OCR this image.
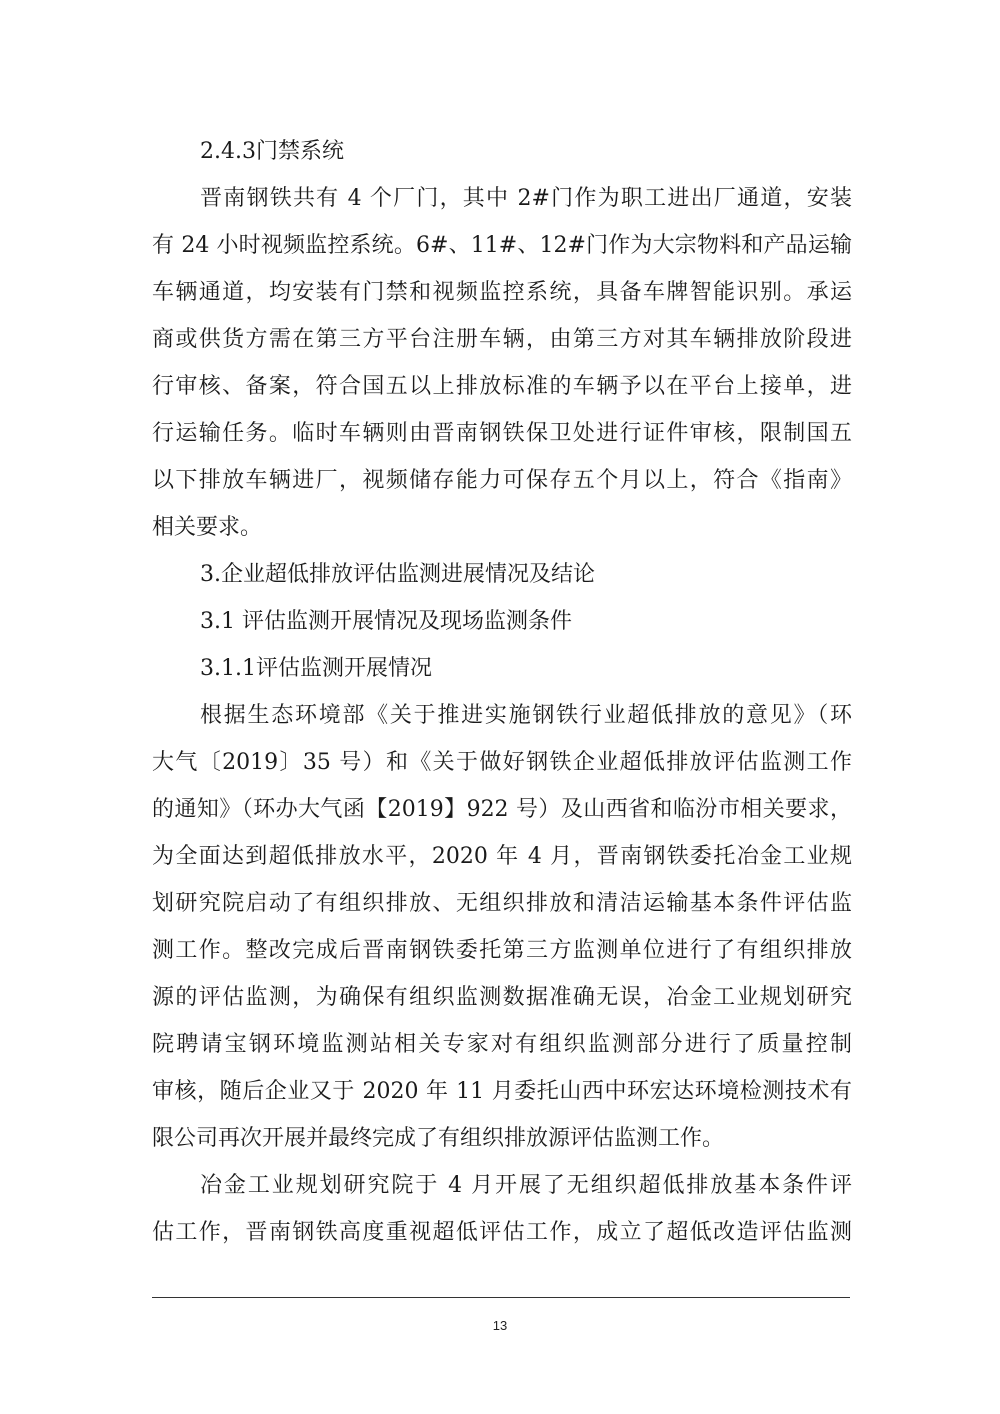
2.4.3门禁系统
晋南钢铁共有 4 个厂门，其中 2#门作为职工进出厂通道，安装
有 24 小时视频监控系统。6#、11#、12#门作为大宗物料和产品运输
车辆通道，均安装有门禁和视频监控系统，具备车牌智能识别。承运
商或供货方需在第三方平台注册车辆，由第三方对其车辆排放阶段进
行审核、备案，符合国五以上排放标准的车辆予以在平台上接单，进
行运输任务。临时车辆则由晋南钢铁保卫处进行证件审核，限制国五
以下排放车辆进厂，视频储存能力可保存五个月以上，符合《指南》
相关要求。
3.企业超低排放评估监测进展情况及结论
3.1 评估监测开展情况及现场监测条件
3.1.1评估监测开展情况
根据生态环境部《关于推进实施钢铁行业超低排放的意见》（环
大气〔2019〕35 号）和《关于做好钢铁企业超低排放评估监测工作
的通知》（环办大气函【2019】922 号）及山西省和临汾市相关要求，
为全面达到超低排放水平，2020 年 4 月，晋南钢铁委托冶金工业规
划研究院启动了有组织排放、无组织排放和清洁运输基本条件评估监
测工作。整改完成后晋南钢铁委托第三方监测单位进行了有组织排放
源的评估监测，为确保有组织监测数据准确无误，冶金工业规划研究
院聘请宝钢环境监测站相关专家对有组织监测部分进行了质量控制
审核，随后企业又于 2020 年 11 月委托山西中环宏达环境检测技术有
限公司再次开展并最终完成了有组织排放源评估监测工作。
冶金工业规划研究院于 4 月开展了无组织超低排放基本条件评
估工作，晋南钢铁高度重视超低评估工作，成立了超低改造评估监测
13
